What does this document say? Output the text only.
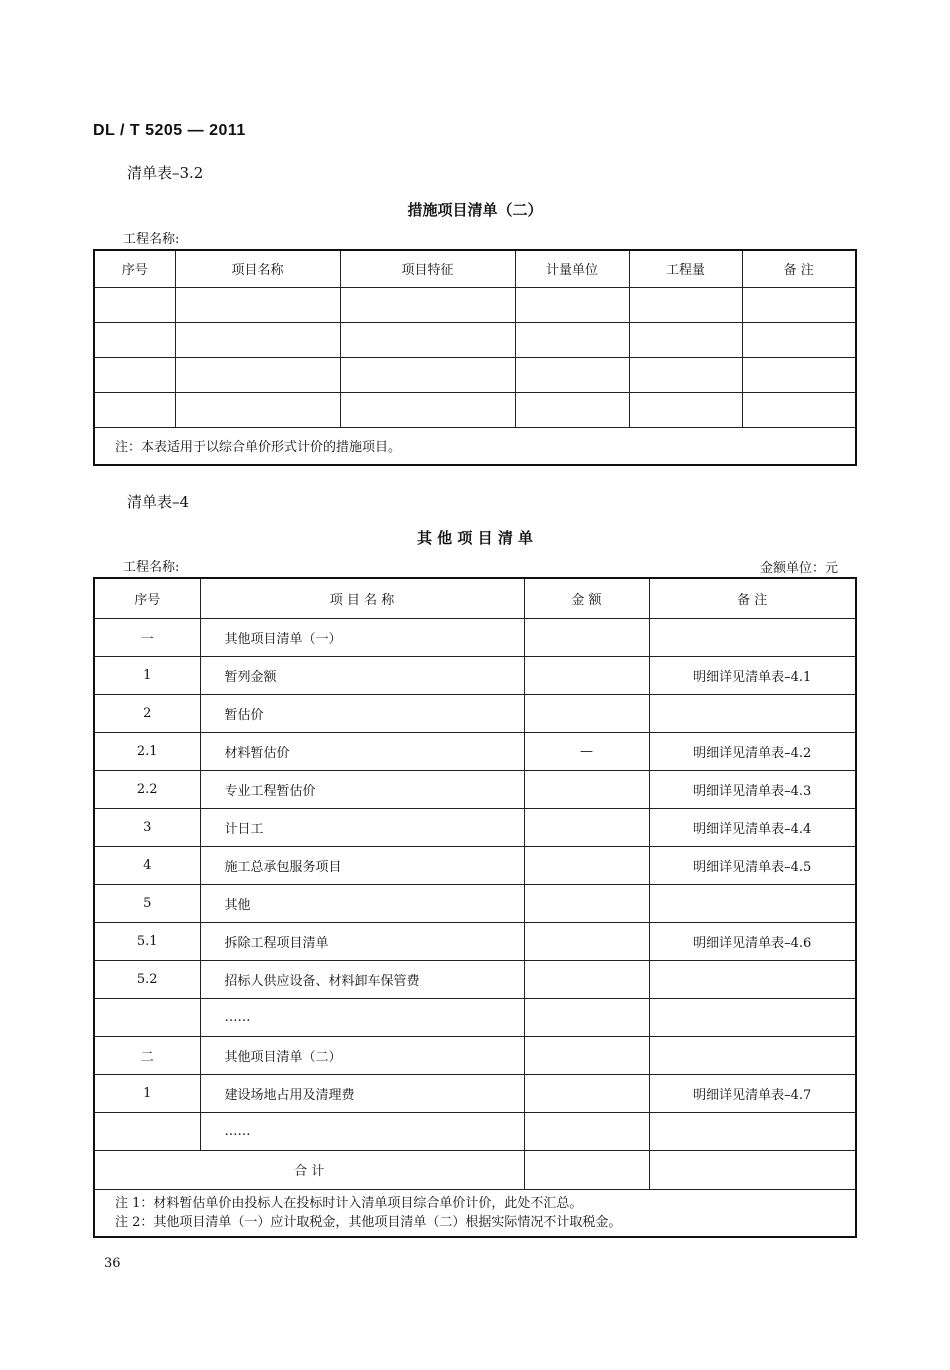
DL / T 5205 — 2011
清单表–3.2
措施项目清单（二）
工程名称:
序号	项目名称	项目特征	计量单位	工程量	备 注

注：本表适用于以综合单价形式计价的措施项目。					
清单表–4
其 他 项 目 清 单
工程名称:	金额单位：元
序号	项 目 名 称	金 额	备 注
一	其他项目清单（一）		
1	暂列金额		明细详见清单表–4.1
2	暂估价		
2.1	材料暂估价	—	明细详见清单表–4.2
2.2	专业工程暂估价		明细详见清单表–4.3
3	计日工		明细详见清单表–4.4
4	施工总承包服务项目		明细详见清单表–4.5
5	其他		
5.1	拆除工程项目清单		明细详见清单表–4.6
5.2	招标人供应设备、材料卸车保管费		
	……		
二	其他项目清单（二）		
1	建设场地占用及清理费		明细详见清单表–4.7
	……		
合 计			

注 1：材料暂估单价由投标人在投标时计入清单项目综合单价计价，此处不汇总。
注 2：其他项目清单（一）应计取税金，其他项目清单（二）根据实际情况不计取税金。			
36
